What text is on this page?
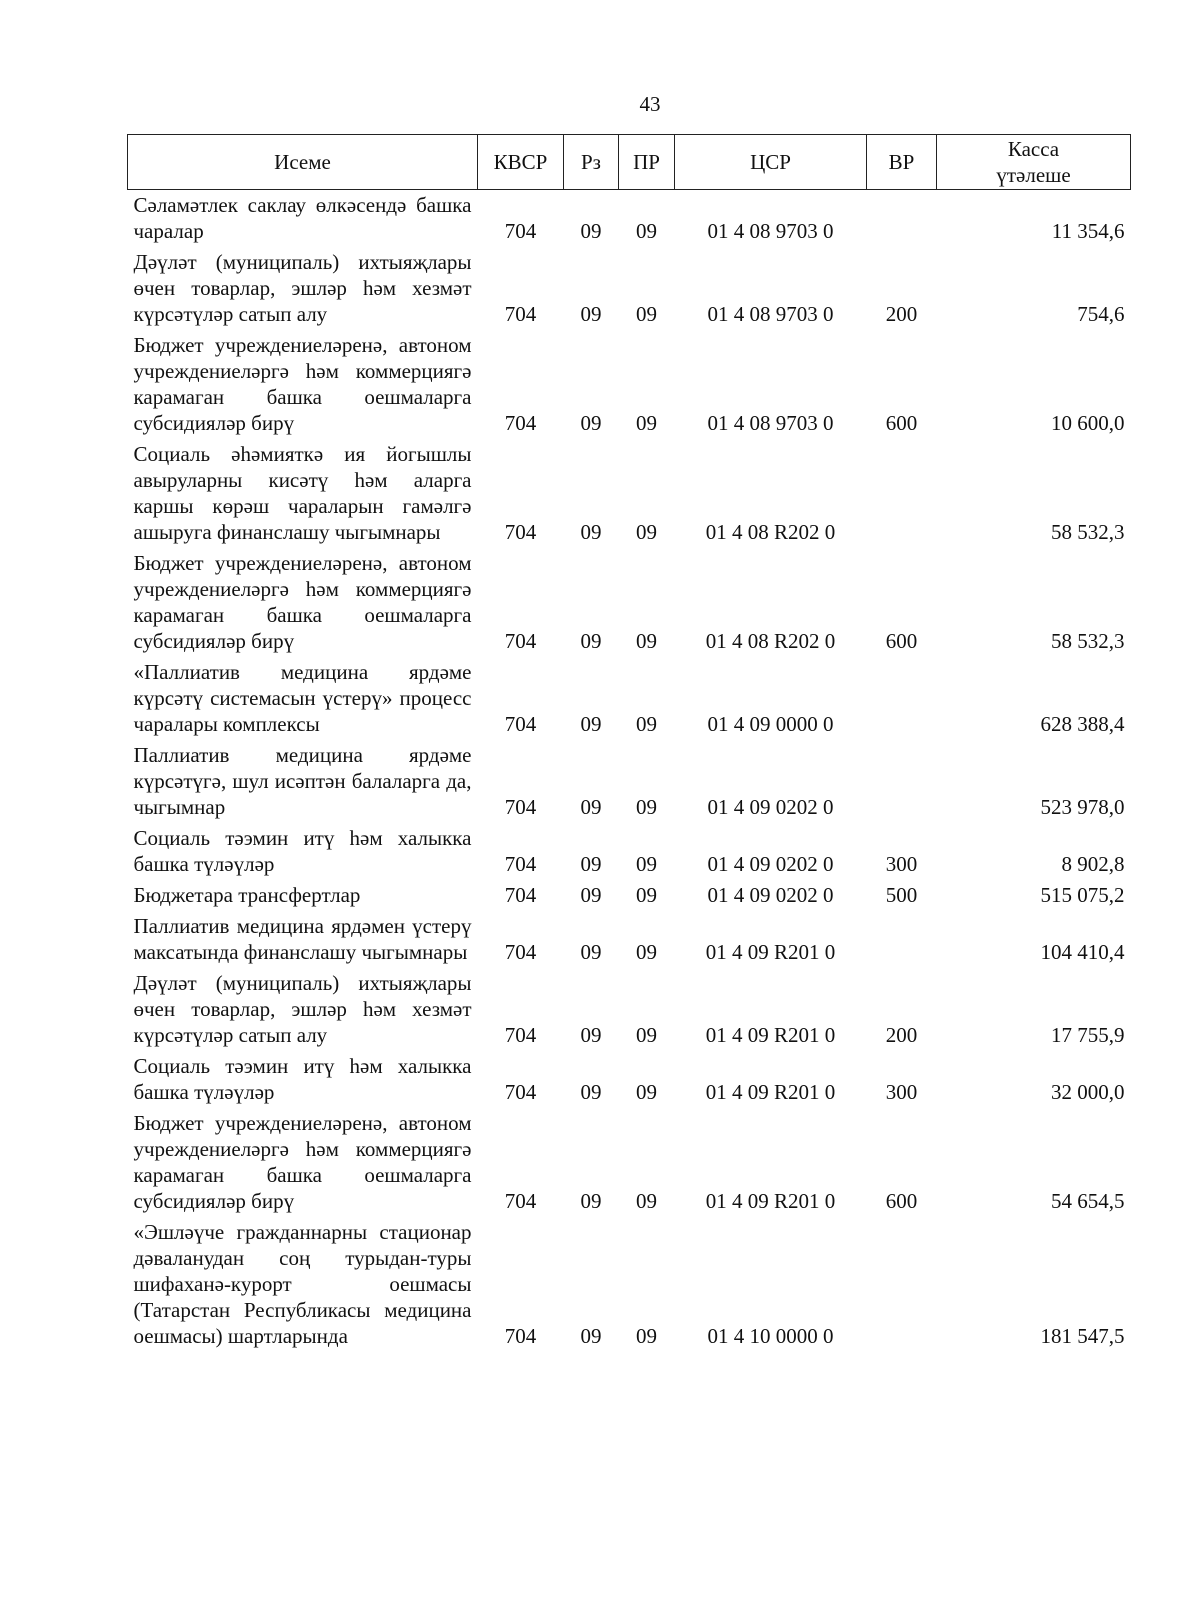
43
Исеме	КВСР	Рз	ПР	ЦСР	ВР	Касса
үтәлеше

Сәламәтлек саклау өлкәсендә башка чаралар	704	09	09	01 4 08 9703 0		11 354,6
Дәүләт (муниципаль) ихтыяҗлары өчен товарлар, эшләр һәм хезмәт күрсәтүләр сатып алу	704	09	09	01 4 08 9703 0	200	754,6
Бюджет учреждениеләренә, автоном учреждениеләргә һәм коммерциягә карамаган башка оешмаларга субсидияләр бирү	704	09	09	01 4 08 9703 0	600	10 600,0
Социаль әһәмияткә ия йогышлы авыруларны кисәтү һәм аларга каршы көрәш чараларын гамәлгә ашыруга финанслашу чыгымнары	704	09	09	01 4 08 R202 0		58 532,3
Бюджет учреждениеләренә, автоном учреждениеләргә һәм коммерциягә карамаган башка оешмаларга субсидияләр бирү	704	09	09	01 4 08 R202 0	600	58 532,3
«Паллиатив медицина ярдәме күрсәтү системасын үстерү» процесс чаралары комплексы	704	09	09	01 4 09 0000 0		628 388,4
Паллиатив медицина ярдәме күрсәтүгә, шул исәптән балаларга да, чыгымнар	704	09	09	01 4 09 0202 0		523 978,0
Социаль тәэмин итү һәм халыкка башка түләүләр	704	09	09	01 4 09 0202 0	300	8 902,8
Бюджетара трансфертлар	704	09	09	01 4 09 0202 0	500	515 075,2
Паллиатив медицина ярдәмен үстерү максатында финанслашу чыгымнары	704	09	09	01 4 09 R201 0		104 410,4
Дәүләт (муниципаль) ихтыяҗлары өчен товарлар, эшләр һәм хезмәт күрсәтүләр сатып алу	704	09	09	01 4 09 R201 0	200	17 755,9
Социаль тәэмин итү һәм халыкка башка түләүләр	704	09	09	01 4 09 R201 0	300	32 000,0
Бюджет учреждениеләренә, автоном учреждениеләргә һәм коммерциягә карамаган башка оешмаларга субсидияләр бирү	704	09	09	01 4 09 R201 0	600	54 654,5
«Эшләүче гражданнарны стационар дәваланудан соң турыдан-туры шифаханә-курорт оешмасы (Татарстан Республикасы медицина оешмасы) шартларында	704	09	09	01 4 10 0000 0		181 547,5
